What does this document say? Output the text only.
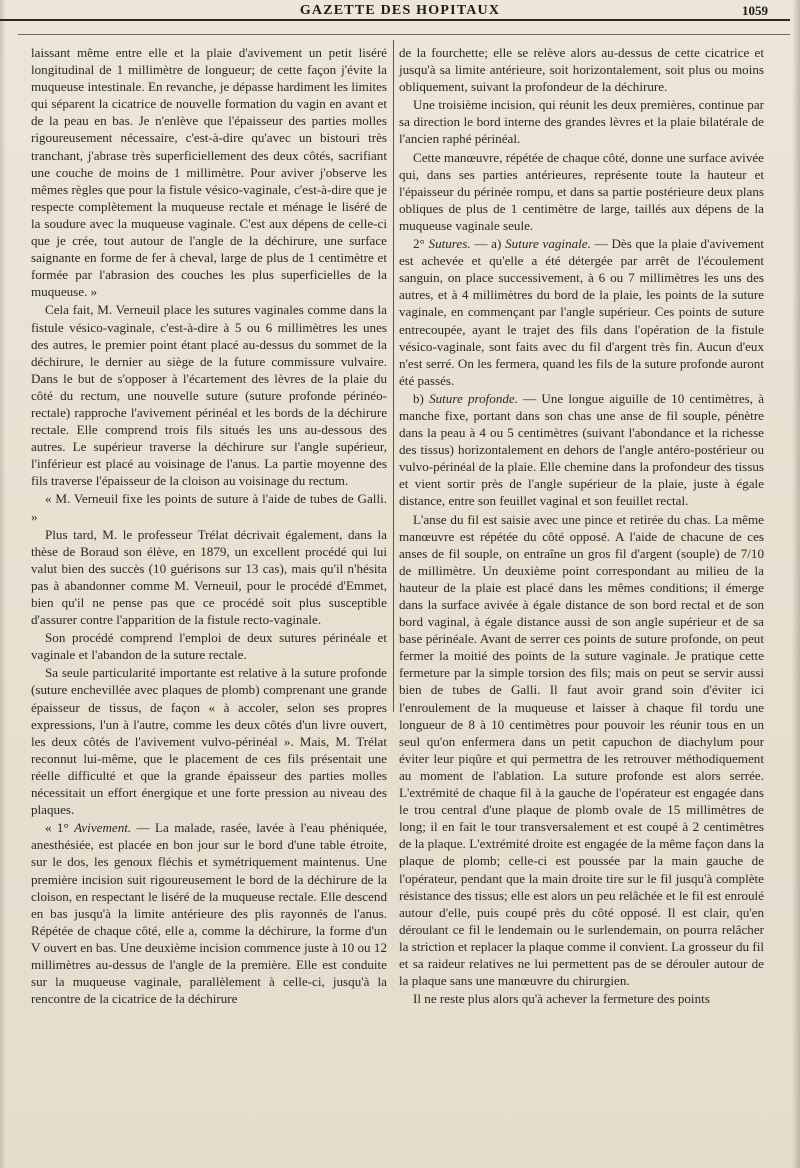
GAZETTE DES HOPITAUX	1059

laissant même entre elle et la plaie d'avivement un petit liséré longitudinal de 1 millimètre de longueur; de cette façon j'évite la muqueuse intestinale. En revanche, je dépasse hardiment les limites qui séparent la cicatrice de nouvelle formation du vagin en avant et de la peau en bas. Je n'enlève que l'épaisseur des parties molles rigoureusement nécessaire, c'est-à-dire qu'avec un bistouri très tranchant, j'abrase très superficiellement des deux côtés, sacrifiant une couche de moins de 1 millimètre. Pour aviver j'observe les mêmes règles que pour la fistule vésico-vaginale, c'est-à-dire que je respecte complètement la muqueuse rectale et ménage le liséré de la soudure avec la muqueuse vaginale. C'est aux dépens de celle-ci que je crée, tout autour de l'angle de la déchirure, une surface saignante en forme de fer à cheval, large de plus de 1 centimètre et formée par l'abrasion des couches les plus superficielles de la muqueuse. »

Cela fait, M. Verneuil place les sutures vaginales comme dans la fistule vésico-vaginale, c'est-à-dire à 5 ou 6 millimètres les unes des autres, le premier point étant placé au-dessus du sommet de la déchirure, le dernier au siège de la future commissure vulvaire. Dans le but de s'opposer à l'écartement des lèvres de la plaie du côté du rectum, une nouvelle suture (suture profonde périnéo-rectale) rapproche l'avivement périnéal et les bords de la déchirure rectale. Elle comprend trois fils situés les uns au-dessous des autres. Le supérieur traverse la déchirure sur l'angle supérieur, l'inférieur est placé au voisinage de l'anus. La partie moyenne des fils traverse l'épaisseur de la cloison au voisinage du rectum.

« M. Verneuil fixe les points de suture à l'aide de tubes de Galli. »

Plus tard, M. le professeur Trélat décrivait également, dans la thèse de Boraud son élève, en 1879, un excellent procédé qui lui valut bien des succès (10 guérisons sur 13 cas), mais qu'il n'hésita pas à abandonner comme M. Verneuil, pour le procédé d'Emmet, bien qu'il ne pense pas que ce procédé soit plus susceptible d'assurer contre l'apparition de la fistule recto-vaginale.

Son procédé comprend l'emploi de deux sutures périnéale et vaginale et l'abandon de la suture rectale.

Sa seule particularité importante est relative à la suture profonde (suture enchevillée avec plaques de plomb) comprenant une grande épaisseur de tissus, de façon « à accoler, selon ses propres expressions, l'un à l'autre, comme les deux côtés d'un livre ouvert, les deux côtés de l'avivement vulvo-périnéal ». Mais, M. Trélat reconnut lui-même, que le placement de ces fils présentait une réelle difficulté et que la grande épaisseur des parties molles nécessitait un effort énergique et une forte pression au niveau des plaques.

« 1° Avivement. — La malade, rasée, lavée à l'eau phéniquée, anesthésiée, est placée en bon jour sur le bord d'une table étroite, sur le dos, les genoux fléchis et symétriquement maintenus. Une première incision suit rigoureusement le bord de la déchirure de la cloison, en respectant le liséré de la muqueuse rectale. Elle descend en bas jusqu'à la limite antérieure des plis rayonnés de l'anus. Répétée de chaque côté, elle a, comme la déchirure, la forme d'un V ouvert en bas. Une deuxième incision commence juste à 10 ou 12 millimètres au-dessus de l'angle de la première. Elle est conduite sur la muqueuse vaginale, parallèlement à celle-ci, jusqu'à la rencontre de la cicatrice de la déchirure

de la fourchette; elle se relève alors au-dessus de cette cicatrice et jusqu'à sa limite antérieure, soit horizontalement, soit plus ou moins obliquement, suivant la profondeur de la déchirure.

Une troisième incision, qui réunit les deux premières, continue par sa direction le bord interne des grandes lèvres et la plaie bilatérale de l'ancien raphé périnéal.

Cette manœuvre, répétée de chaque côté, donne une surface avivée qui, dans ses parties antérieures, représente toute la hauteur et l'épaisseur du périnée rompu, et dans sa partie postérieure deux plans obliques de plus de 1 centimètre de large, taillés aux dépens de la muqueuse vaginale seule.

2° Sutures. — a) Suture vaginale. — Dès que la plaie d'avivement est achevée et qu'elle a été détergée par arrêt de l'écoulement sanguin, on place successivement, à 6 ou 7 millimètres les uns des autres, et à 4 millimètres du bord de la plaie, les points de la suture vaginale, en commençant par l'angle supérieur. Ces points de suture entrecoupée, ayant le trajet des fils dans l'opération de la fistule vésico-vaginale, sont faits avec du fil d'argent très fin. Aucun d'eux n'est serré. On les fermera, quand les fils de la suture profonde auront été passés.

b) Suture profonde. — Une longue aiguille de 10 centimètres, à manche fixe, portant dans son chas une anse de fil souple, pénètre dans la peau à 4 ou 5 centimètres (suivant l'abondance et la richesse des tissus) horizontalement en dehors de l'angle antéro-postérieur ou vulvo-périnéal de la plaie. Elle chemine dans la profondeur des tissus et vient sortir près de l'angle supérieur de la plaie, juste à égale distance, entre son feuillet vaginal et son feuillet rectal.

L'anse du fil est saisie avec une pince et retirée du chas. La même manœuvre est répétée du côté opposé. A l'aide de chacune de ces anses de fil souple, on entraîne un gros fil d'argent (souple) de 7/10 de millimètre. Un deuxième point correspondant au milieu de la hauteur de la plaie est placé dans les mêmes conditions; il émerge dans la surface avivée à égale distance de son bord rectal et de son bord vaginal, à égale distance aussi de son angle supérieur et de sa base périnéale. Avant de serrer ces points de suture profonde, on peut fermer la moitié des points de la suture vaginale. Je pratique cette fermeture par la simple torsion des fils; mais on peut se servir aussi bien de tubes de Galli. Il faut avoir grand soin d'éviter ici l'enroulement de la muqueuse et laisser à chaque fil tordu une longueur de 8 à 10 centimètres pour pouvoir les réunir tous en un seul qu'on enfermera dans un petit capuchon de diachylum pour éviter leur piqûre et qui permettra de les retrouver méthodiquement au moment de l'ablation. La suture profonde est alors serrée. L'extrémité de chaque fil à la gauche de l'opérateur est engagée dans le trou central d'une plaque de plomb ovale de 15 millimètres de long; il en fait le tour transversalement et est coupé à 2 centimètres de la plaque. L'extrémité droite est engagée de la même façon dans la plaque de plomb; celle-ci est poussée par la main gauche de l'opérateur, pendant que la main droite tire sur le fil jusqu'à complète résistance des tissus; elle est alors un peu relâchée et le fil est enroulé autour d'elle, puis coupé près du côté opposé. Il est clair, qu'en déroulant ce fil le lendemain ou le surlendemain, on pourra relâcher la striction et replacer la plaque comme il convient. La grosseur du fil et sa raideur relatives ne lui permettent pas de se dérouler autour de la plaque sans une manœuvre du chirurgien.

Il ne reste plus alors qu'à achever la fermeture des points
